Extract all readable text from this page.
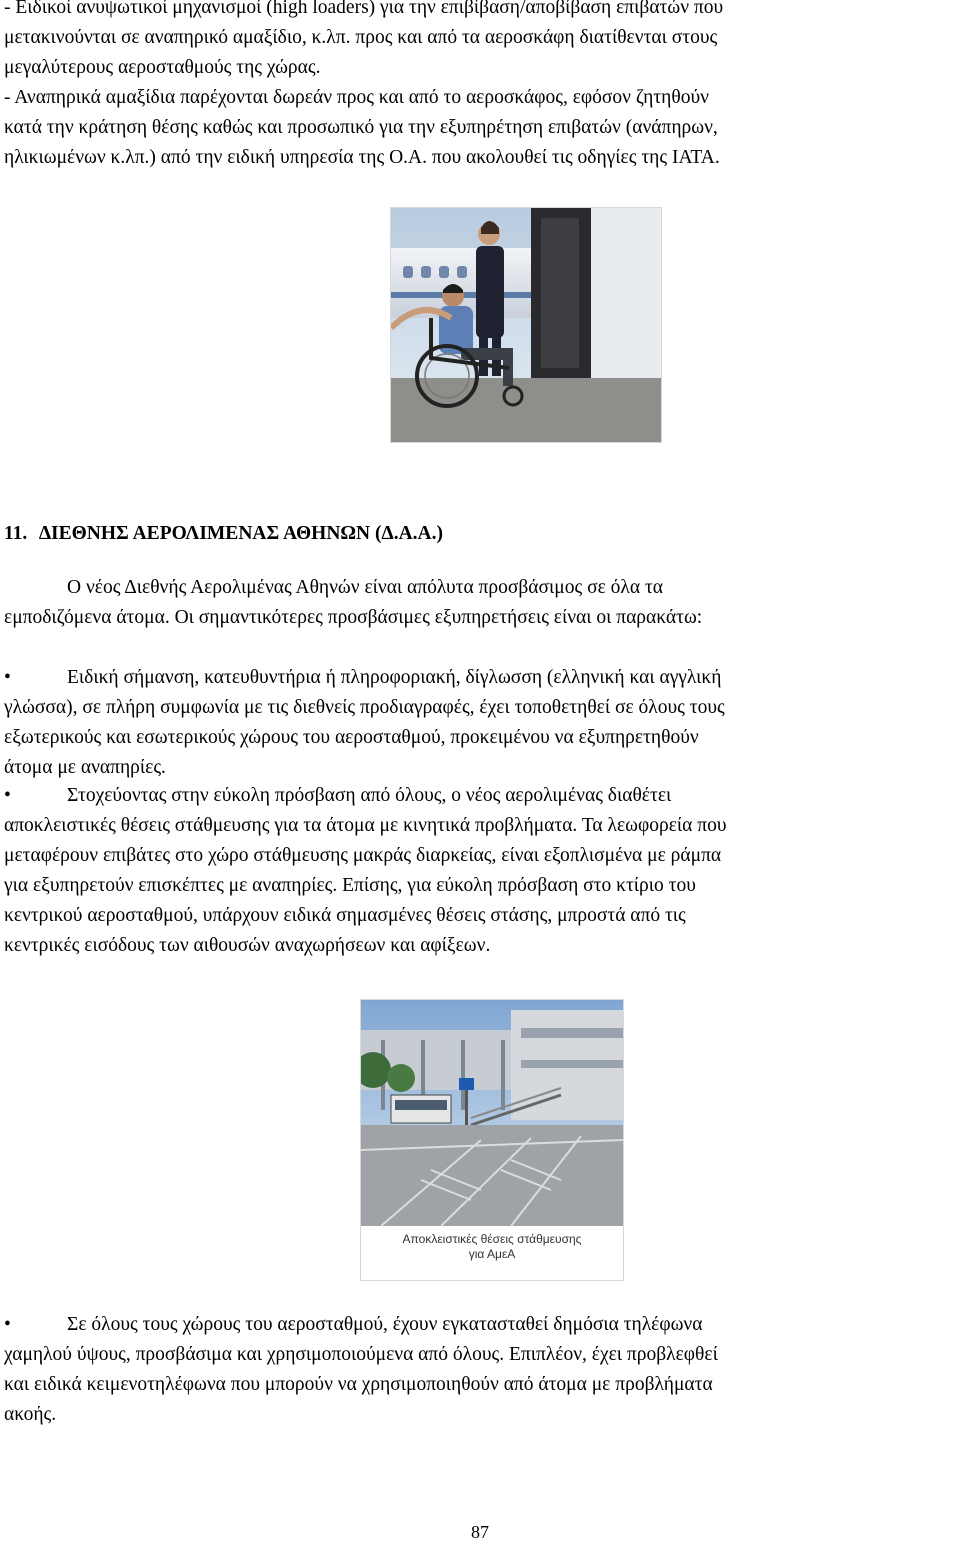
- Ειδικοί ανυψωτικοί μηχανισμοί (high loaders) για την επιβίβαση/αποβίβαση επιβατών που
μετακινούνται σε αναπηρικό αμαξίδιο, κ.λπ. προς και από τα αεροσκάφη διατίθενται στους
μεγαλύτερους αεροσταθμούς της χώρας.
- Αναπηρικά αμαξίδια παρέχονται δωρεάν προς και από το αεροσκάφος, εφόσον ζητηθούν
κατά την κράτηση θέσης καθώς και προσωπικό για την εξυπηρέτηση επιβατών (ανάπηρων,
ηλικιωμένων κ.λπ.) από την ειδική υπηρεσία της Ο.Α. που ακολουθεί τις οδηγίες της ΙΑΤΑ.
11. ΔΙΕΘΝΗΣ ΑΕΡΟΛΙΜΕΝΑΣ ΑΘΗΝΩΝ (Δ.Α.Α.)
Ο νέος Διεθνής Αερολιμένας Αθηνών είναι απόλυτα προσβάσιμος σε όλα τα
εμποδιζόμενα άτομα. Οι σημαντικότερες προσβάσιμες εξυπηρετήσεις είναι οι παρακάτω:
•	Ειδική σήμανση, κατευθυντήρια ή πληροφοριακή, δίγλωσση (ελληνική και αγγλική
γλώσσα), σε πλήρη συμφωνία με τις διεθνείς προδιαγραφές, έχει τοποθετηθεί σε όλους τους
εξωτερικούς και εσωτερικούς χώρους του αεροσταθμού, προκειμένου να εξυπηρετηθούν
άτομα με αναπηρίες.
•	Στοχεύοντας στην εύκολη πρόσβαση από όλους, ο νέος αερολιμένας διαθέτει
αποκλειστικές θέσεις στάθμευσης για τα άτομα με κινητικά προβλήματα. Τα λεωφορεία που
μεταφέρουν επιβάτες στο χώρο στάθμευσης μακράς διαρκείας, είναι εξοπλισμένα με ράμπα
για εξυπηρετούν επισκέπτες με αναπηρίες. Επίσης, για εύκολη πρόσβαση στο κτίριο του
κεντρικού αεροσταθμού, υπάρχουν ειδικά σημασμένες θέσεις στάσης, μπροστά από τις
κεντρικές εισόδους των αιθουσών αναχωρήσεων και αφίξεων.
Αποκλειστικές θέσεις στάθμευσης
για ΑμεΑ
•	Σε όλους τους χώρους του αεροσταθμού, έχουν εγκατασταθεί δημόσια τηλέφωνα
χαμηλού ύψους, προσβάσιμα και χρησιμοποιούμενα από όλους. Επιπλέον, έχει προβλεφθεί
και ειδικά κειμενοτηλέφωνα που μπορούν να χρησιμοποιηθούν από άτομα με προβλήματα
ακοής.
87
